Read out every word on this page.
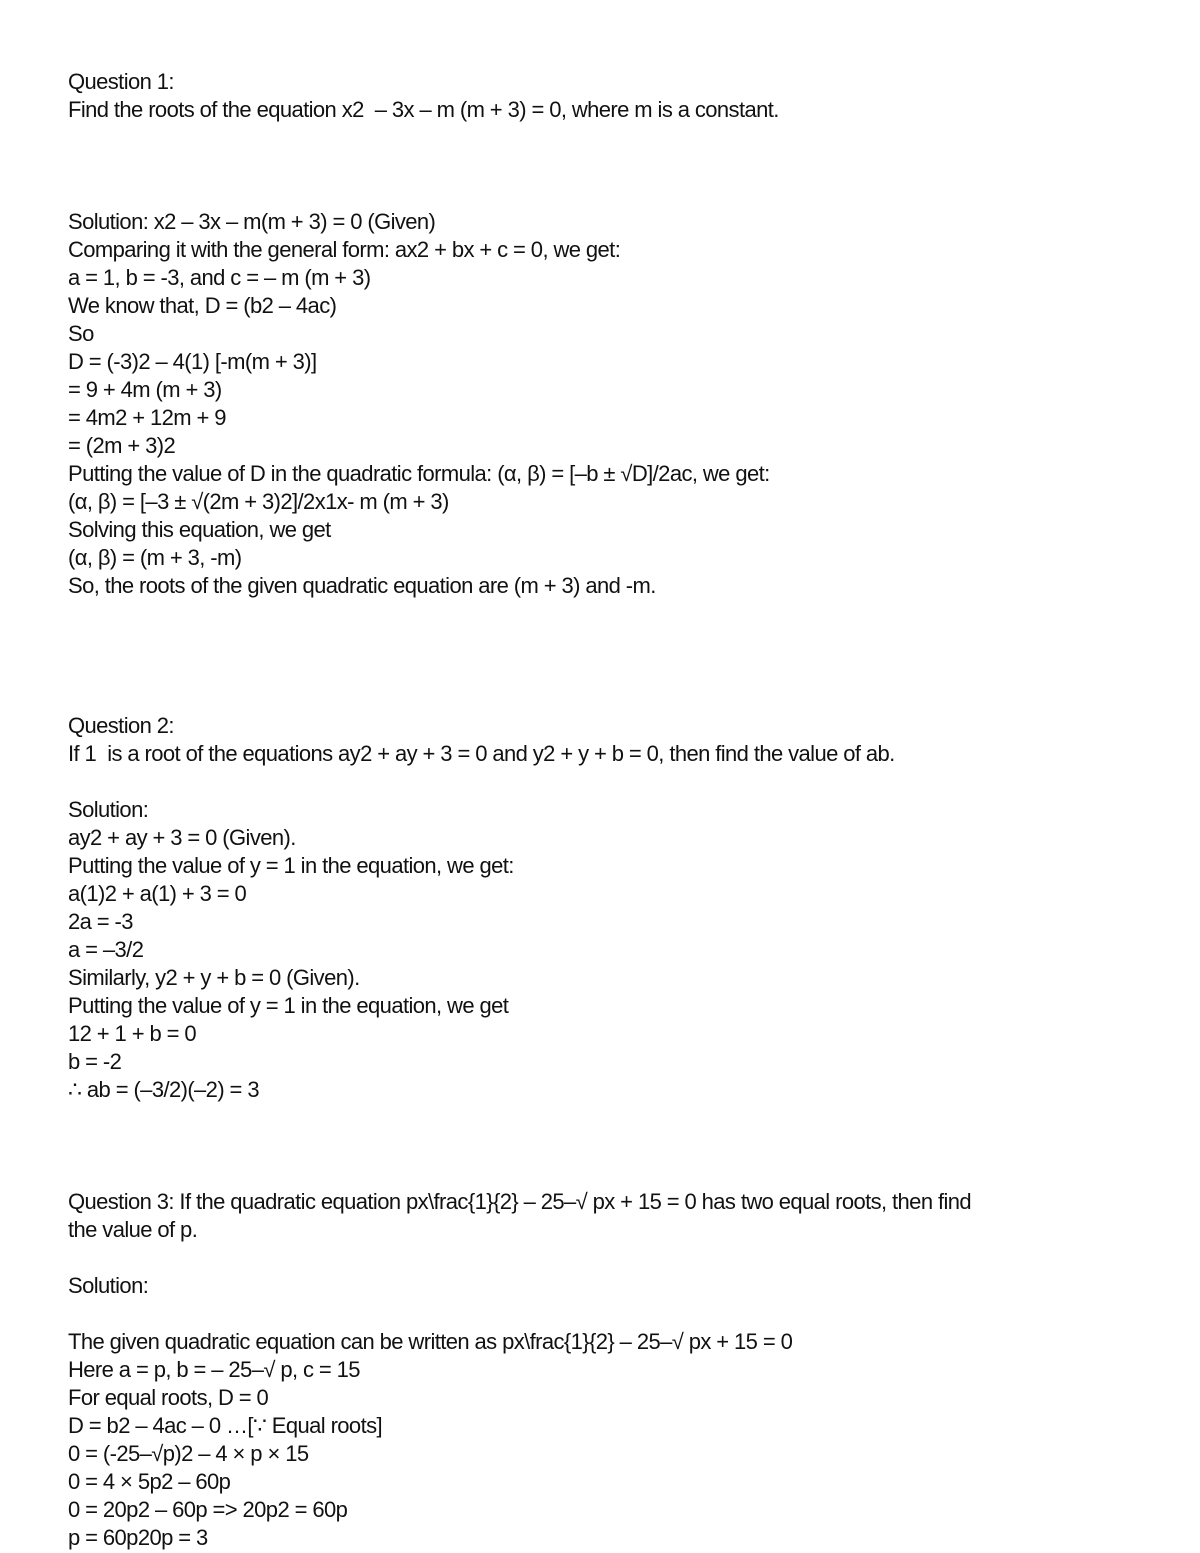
Question 1:
Find the roots of the equation x2  – 3x – m (m + 3) = 0, where m is a constant.
Solution: x2 – 3x – m(m + 3) = 0 (Given)
Comparing it with the general form: ax2 + bx + c = 0, we get:
a = 1, b = -3, and c = – m (m + 3)
We know that, D = (b2 – 4ac)
So
D = (-3)2 – 4(1) [-m(m + 3)]
= 9 + 4m (m + 3)
= 4m2 + 12m + 9
= (2m + 3)2
Putting the value of D in the quadratic formula: (α, β) = [–b ± √D]/2ac, we get:
(α, β) = [–3 ± √(2m + 3)2]/2x1x- m (m + 3)
Solving this equation, we get
(α, β) = (m + 3, -m)
So, the roots of the given quadratic equation are (m + 3) and -m.
Question 2:
If 1  is a root of the equations ay2 + ay + 3 = 0 and y2 + y + b = 0, then find the value of ab.
Solution:
ay2 + ay + 3 = 0 (Given).
Putting the value of y = 1 in the equation, we get:
a(1)2 + a(1) + 3 = 0
2a = -3
a = –3/2
Similarly, y2 + y + b = 0 (Given).
Putting the value of y = 1 in the equation, we get
12 + 1 + b = 0
b = -2
∴ ab = (–3/2)(–2) = 3
Question 3: If the quadratic equation px\frac{1}{2} – 25–√ px + 15 = 0 has two equal roots, then find
the value of p.
Solution:
The given quadratic equation can be written as px\frac{1}{2} – 25–√ px + 15 = 0
Here a = p, b = – 25–√ p, c = 15
For equal roots, D = 0
D = b2 – 4ac – 0 …[∵ Equal roots]
0 = (-25–√p)2 – 4 × p × 15
0 = 4 × 5p2 – 60p
0 = 20p2 – 60p => 20p2 = 60p
p = 60p20p = 3
